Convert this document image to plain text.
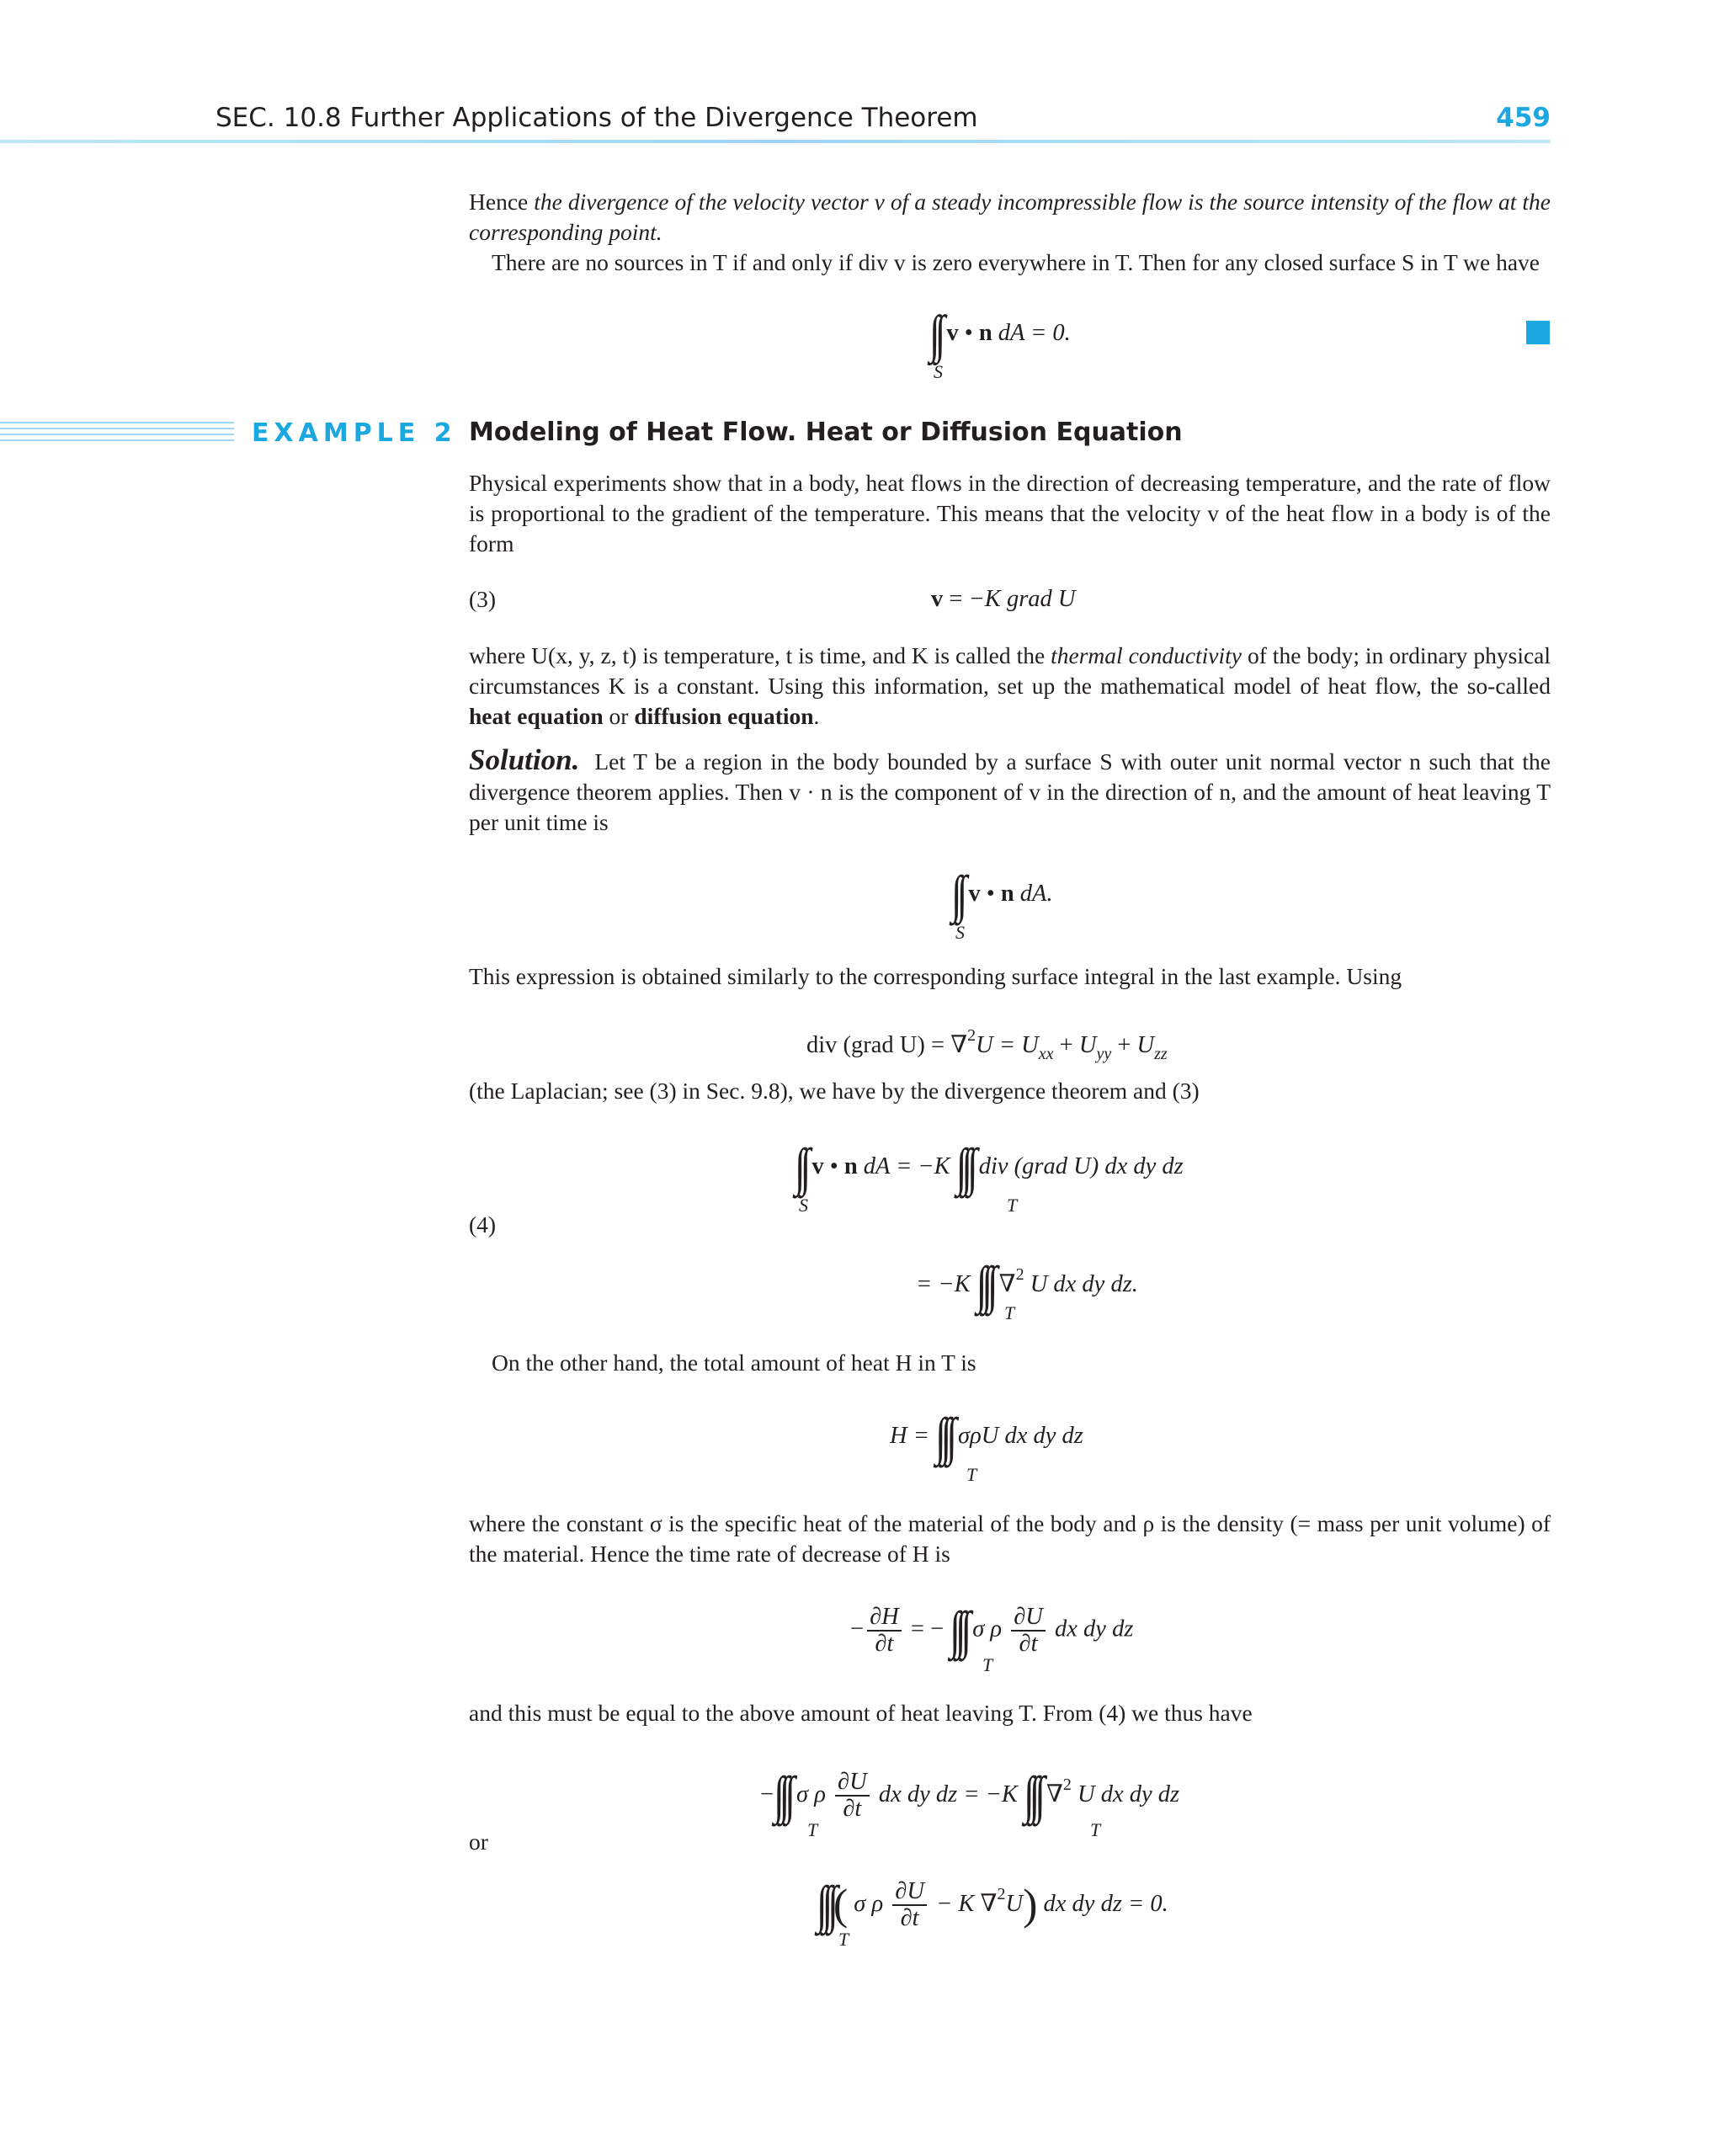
SEC. 10.8 Further Applications of the Divergence Theorem	459

Hence the divergence of the velocity vector v of a steady incompressible flow is the source intensity of the flow at the corresponding point.

There are no sources in T if and only if div v is zero everywhere in T. Then for any closed surface S in T we have

∫∫ v • n dA = 0.
S
EXAMPLE 2 Modeling of Heat Flow. Heat or Diffusion Equation

Physical experiments show that in a body, heat flows in the direction of decreasing temperature, and the rate of flow is proportional to the gradient of the temperature. This means that the velocity v of the heat flow in a body is of the form

(3)	v = −K grad U

where U(x, y, z, t) is temperature, t is time, and K is called the thermal conductivity of the body; in ordinary physical circumstances K is a constant. Using this information, set up the mathematical model of heat flow, the so-called heat equation or diffusion equation.

Solution. Let T be a region in the body bounded by a surface S with outer unit normal vector n such that the divergence theorem applies. Then v · n is the component of v in the direction of n, and the amount of heat leaving T per unit time is

∫∫ v • n dA.
S

This expression is obtained similarly to the corresponding surface integral in the last example. Using

div (grad $U) = \nabla^2U = U_{xx} + U_{yy} + U_{zz}$

(the Laplacian; see (3) in Sec. 9.8), we have by the divergence theorem and (3)

(4)
∫∫ v • n dA = −K ∫∫∫ div (grad U) dx dy dz
S	T
= −K ∫∫∫ ∇$^2$ U dx dy dz.
T

On the other hand, the total amount of heat H in T is

H = ∫∫∫ σρU dx dy dz
T

where the constant σ is the specific heat of the material of the body and ρ is the density (= mass per unit volume) of the material. Hence the time rate of decrease of H is

− $\frac{\partial H}{\partial t}$ = − ∫∫∫ σ ρ $\frac{\partial U}{\partial t}$ dx dy dz
T

and this must be equal to the above amount of heat leaving T. From (4) we thus have

−∫∫∫ σ ρ $\frac{\partial U}{\partial t}$ dx dy dz = −K ∫∫∫ ∇$^2$ U dx dy dz
T	T

or

∫∫∫( σ ρ $\frac{\partial U}{\partial t} - K$ ∇$^2$U) dx dy dz = 0.
T
